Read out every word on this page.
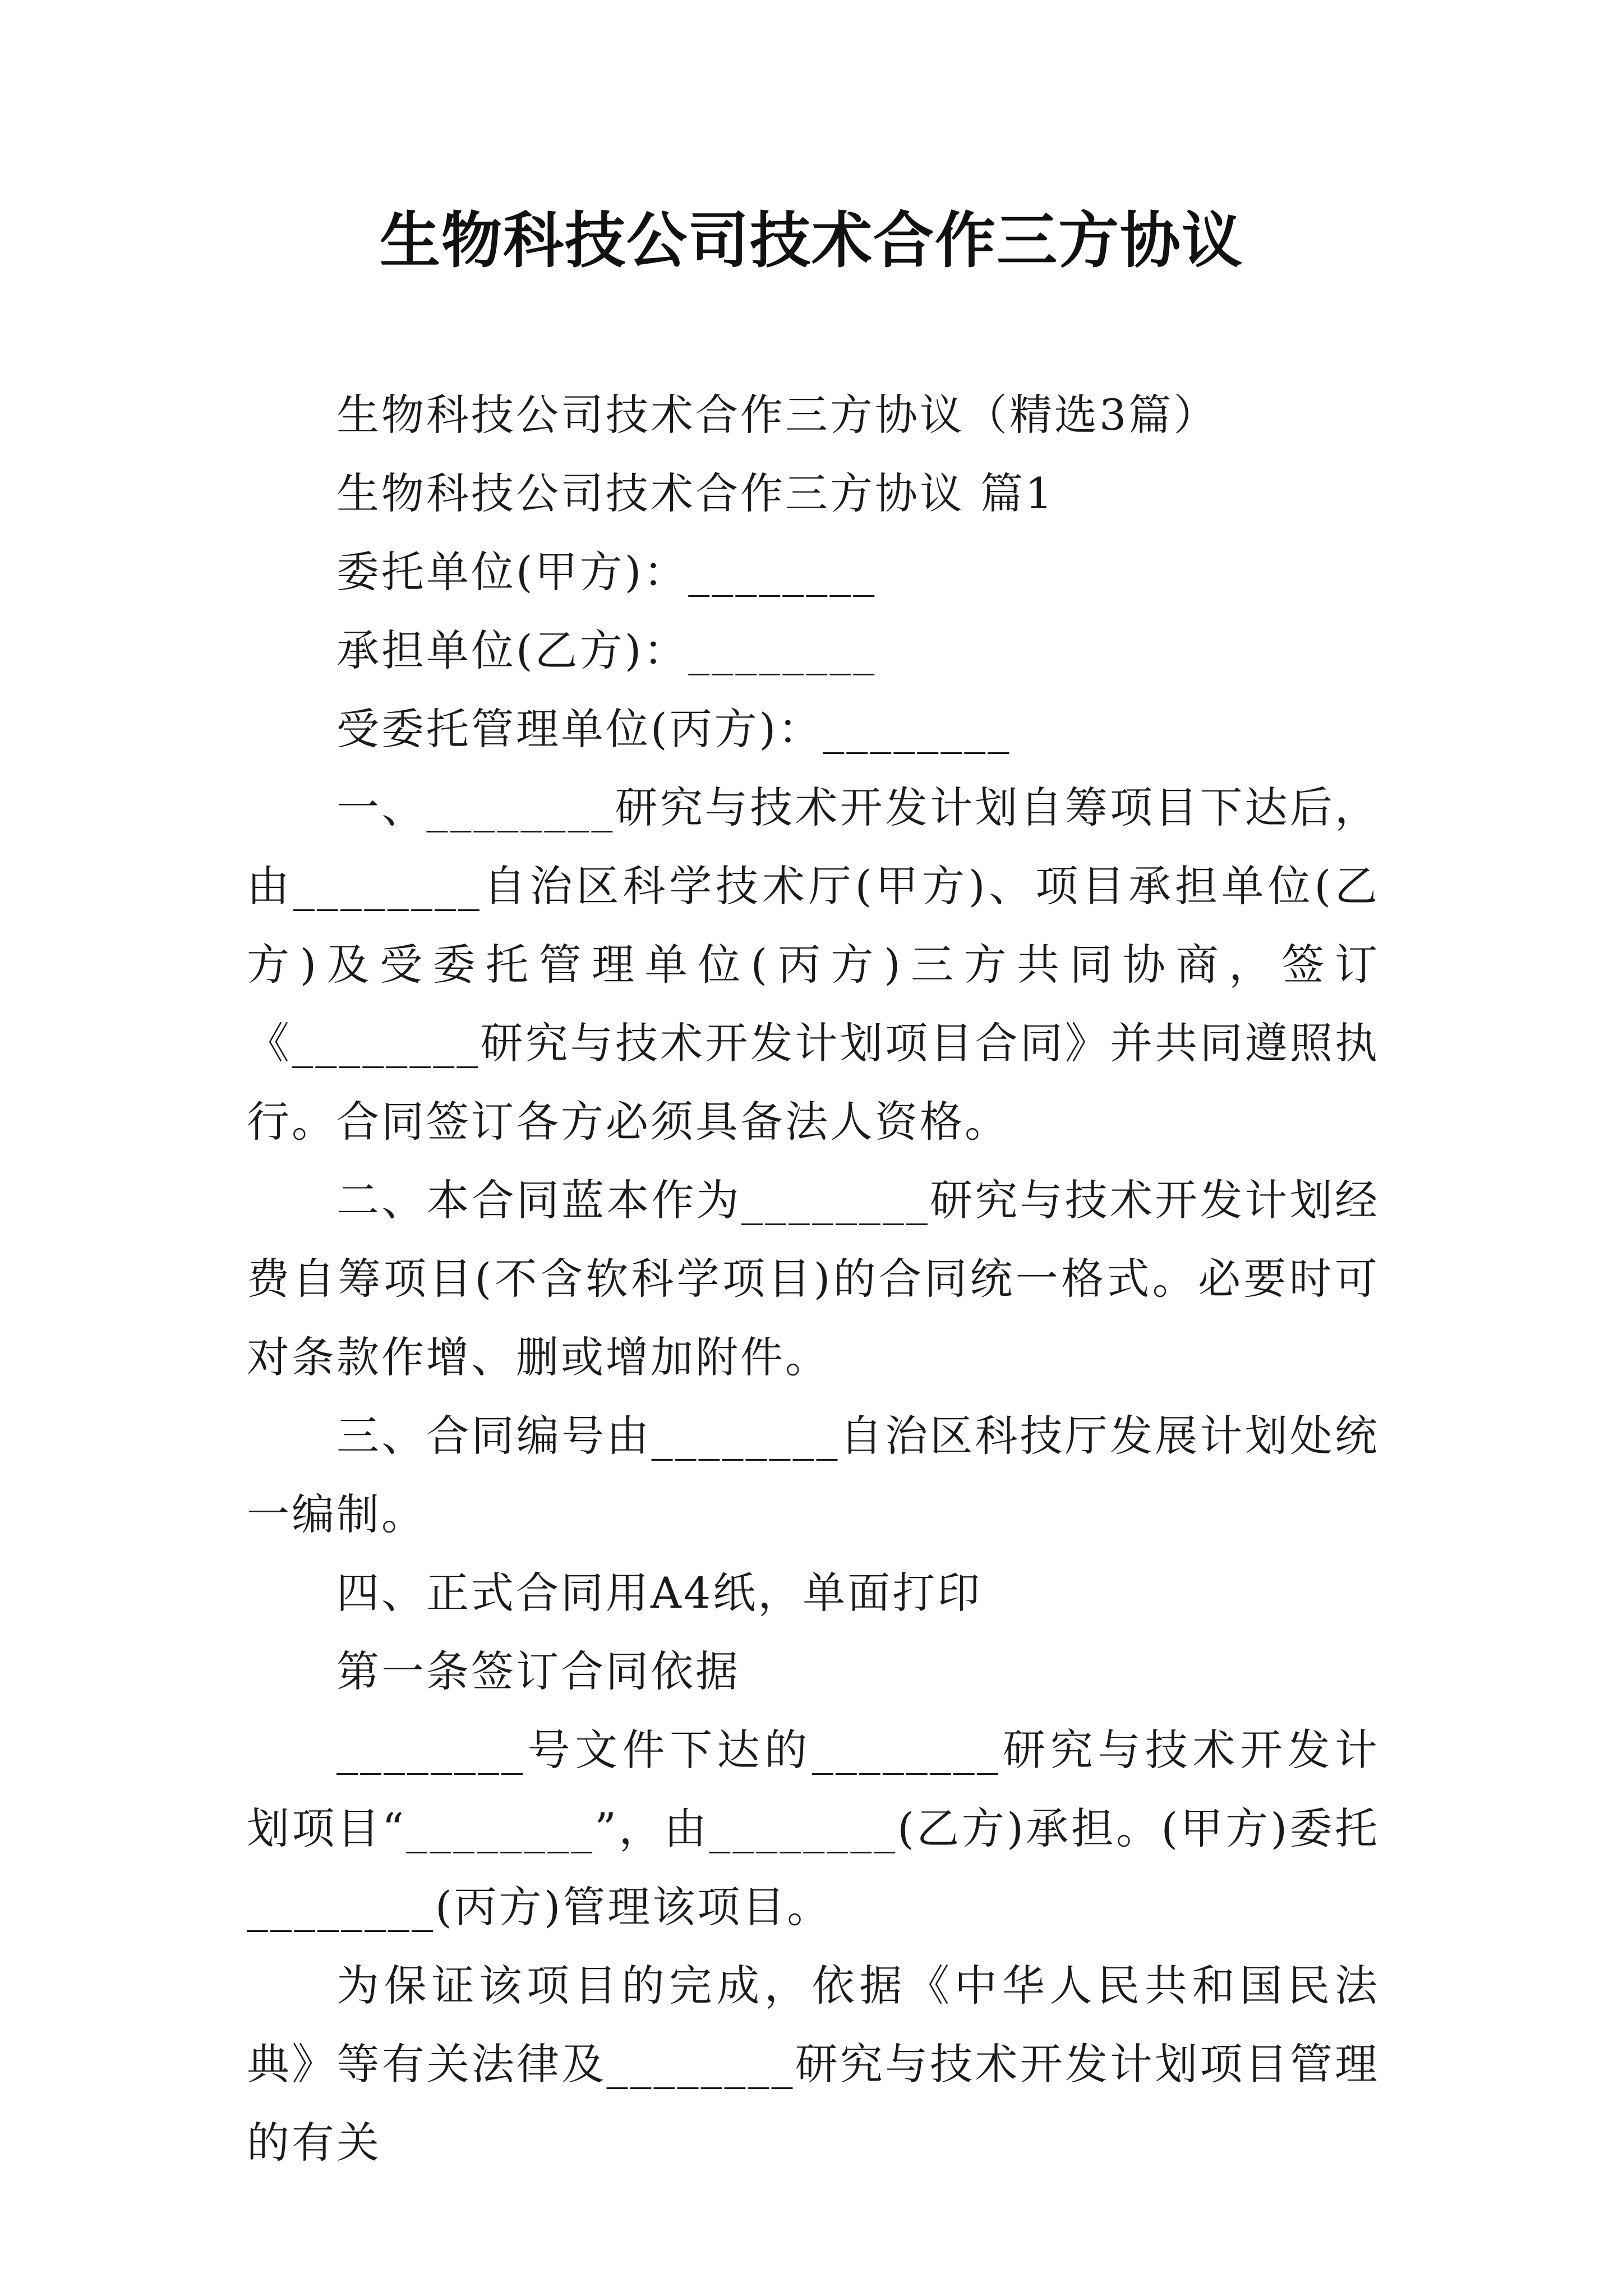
生物科技公司技术合作三方协议

生物科技公司技术合作三方协议（精选3篇）

生物科技公司技术合作三方协议 篇1

委托单位(甲方)：________

承担单位(乙方)：________

受委托管理单位(丙方)：________

一、________研究与技术开发计划自筹项目下达后，由________自治区科学技术厅(甲方)、项目承担单位(乙方)及受委托管理单位(丙方)三方共同协商，签订《________研究与技术开发计划项目合同》并共同遵照执行。合同签订各方必须具备法人资格。

二、本合同蓝本作为________研究与技术开发计划经费自筹项目(不含软科学项目)的合同统一格式。必要时可对条款作增、删或增加附件。

三、合同编号由________自治区科技厅发展计划处统一编制。

四、正式合同用A4纸，单面打印

第一条签订合同依据

________号文件下达的________研究与技术开发计划项目“________”，由________(乙方)承担。(甲方)委托________(丙方)管理该项目。

为保证该项目的完成，依据《中华人民共和国民法典》等有关法律及________研究与技术开发计划项目管理的有关
